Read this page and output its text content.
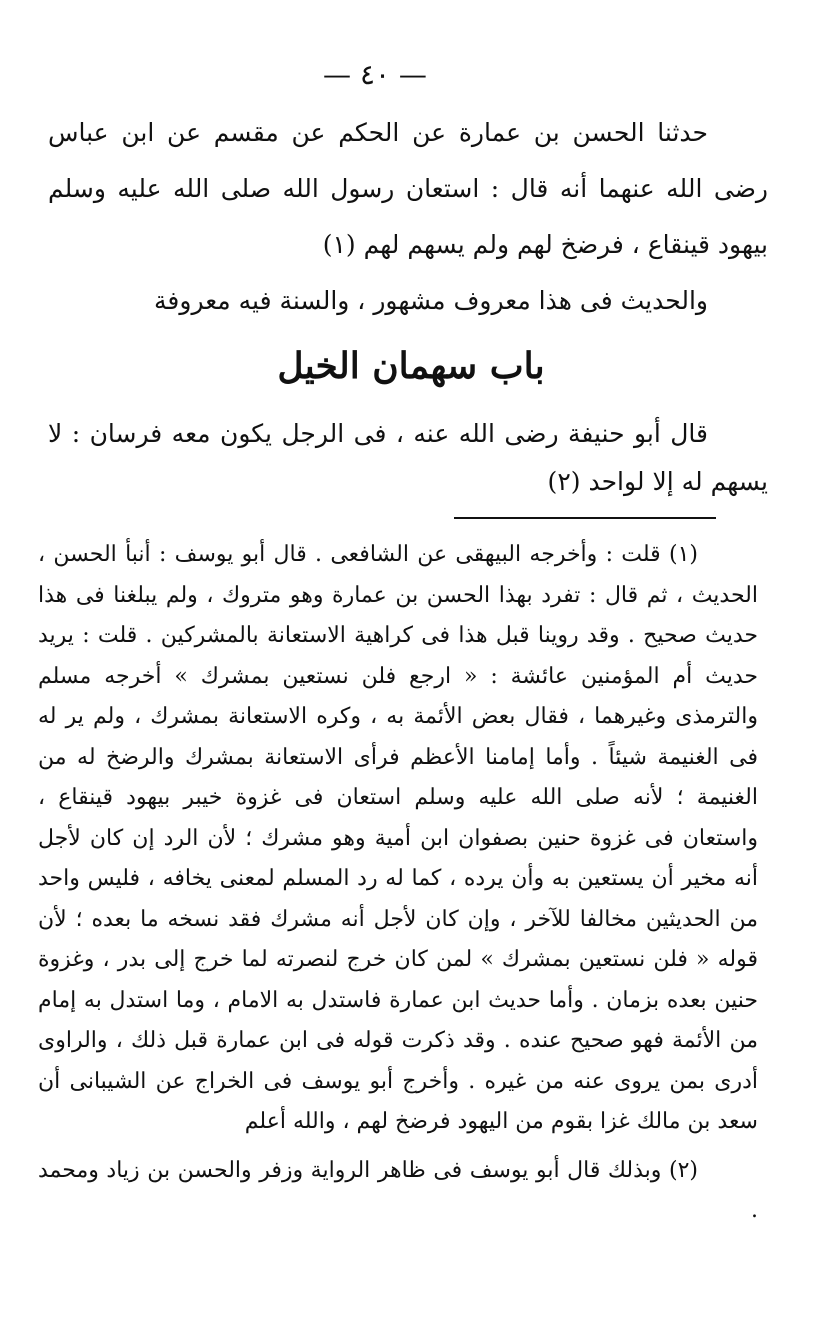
— ٤٠ —

حدثنا الحسن بن عمارة عن الحكم عن مقسم عن ابن عباس رضى الله عنهما أنه قال : استعان رسول الله صلى الله عليه وسلم بيهود قينقاع ، فرضخ لهم ولم يسهم لهم (١)

والحديث فى هذا معروف مشهور ، والسنة فيه معروفة

باب سهمان الخيل

قال أبو حنيفة رضى الله عنه ، فى الرجل يكون معه فرسان : لا يسهم له إلا لواحد (٢)

(١) قلت : وأخرجه البيهقى عن الشافعى . قال أبو يوسف : أنبأ الحسن ، الحديث ، ثم قال : تفرد بهذا الحسن بن عمارة وهو متروك ، ولم يبلغنا فى هذا حديث صحيح . وقد روينا قبل هذا فى كراهية الاستعانة بالمشركين . قلت : يريد حديث أم المؤمنين عائشة : « ارجع فلن نستعين بمشرك » أخرجه مسلم والترمذى وغيرهما ، فقال بعض الأئمة به ، وكره الاستعانة بمشرك ، ولم ير له فى الغنيمة شيئاً . وأما إمامنا الأعظم فرأى الاستعانة بمشرك والرضخ له من الغنيمة ؛ لأنه صلى الله عليه وسلم استعان فى غزوة خيبر بيهود قينقاع ، واستعان فى غزوة حنين بصفوان ابن أمية وهو مشرك ؛ لأن الرد إن كان لأجل أنه مخير أن يستعين به وأن يرده ، كما له رد المسلم لمعنى يخافه ، فليس واحد من الحديثين مخالفا للآخر ، وإن كان لأجل أنه مشرك فقد نسخه ما بعده ؛ لأن قوله « فلن نستعين بمشرك » لمن كان خرج لنصرته لما خرج إلى بدر ، وغزوة حنين بعده بزمان . وأما حديث ابن عمارة فاستدل به الامام ، وما استدل به إمام من الأئمة فهو صحيح عنده . وقد ذكرت قوله فى ابن عمارة قبل ذلك ، والراوى أدرى بمن يروى عنه من غيره . وأخرج أبو يوسف فى الخراج عن الشيبانى أن سعد بن مالك غزا بقوم من اليهود فرضخ لهم ، والله أعلم

(٢) وبذلك قال أبو يوسف فى ظاهر الرواية وزفر والحسن بن زياد ومحمد .
